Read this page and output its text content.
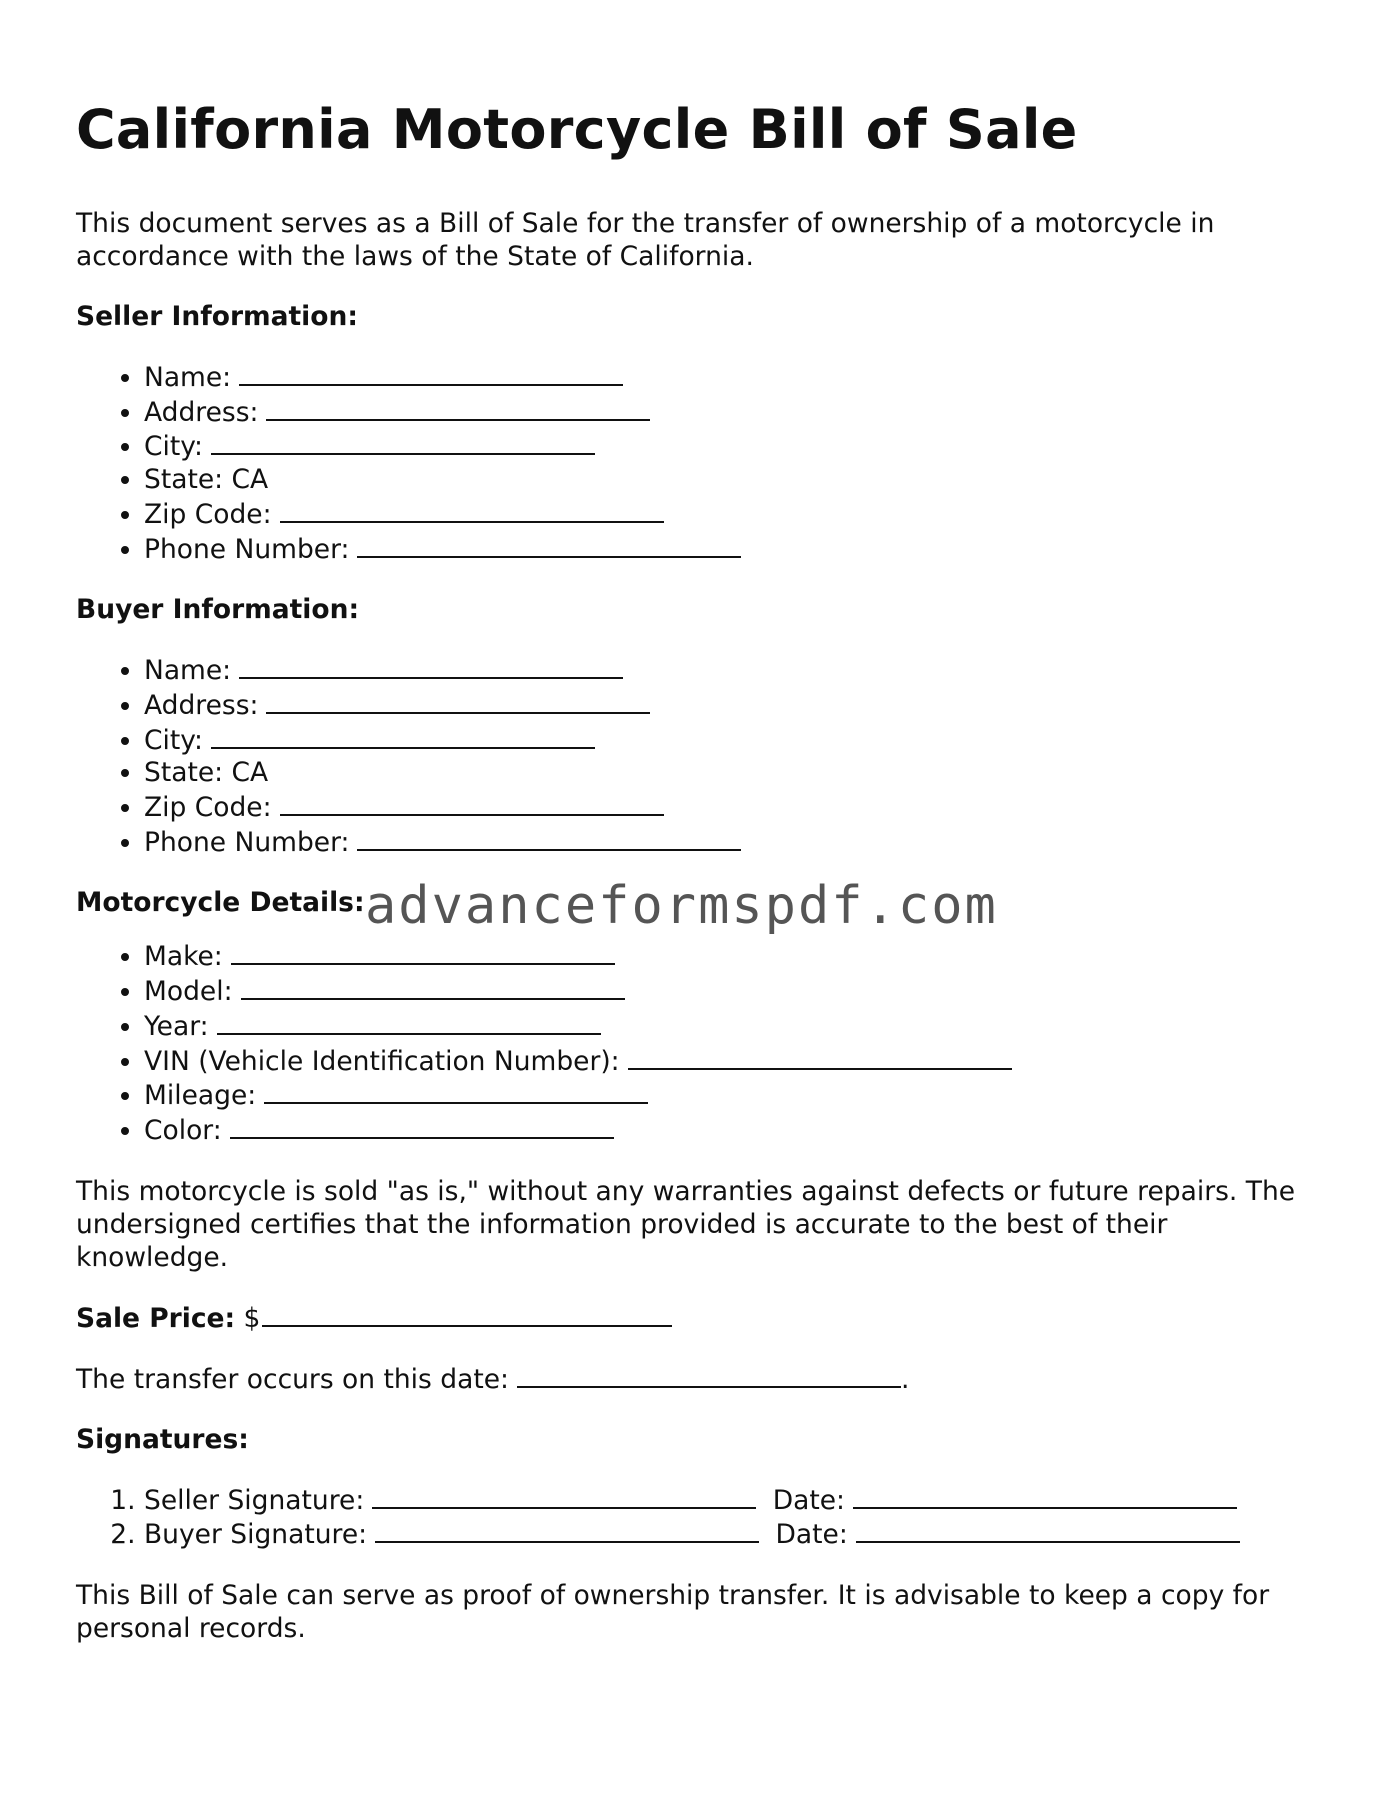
California Motorcycle Bill of Sale

This document serves as a Bill of Sale for the transfer of ownership of a motorcycle in accordance with the laws of the State of California.

Seller Information:
• Name:
• Address:
• City:
• State: CA
• Zip Code:
• Phone Number:
Buyer Information:
• Name:
• Address:
• City:
• State: CA
• Zip Code:
• Phone Number:
Motorcycle Details:
• Make:
• Model:
• Year:
• VIN (Vehicle Identification Number):
• Mileage:
• Color:

This motorcycle is sold "as is," without any warranties against defects or future repairs. The undersigned certifies that the information provided is accurate to the best of their knowledge.

Sale Price: $
The transfer occurs on this date:	.
Signatures:
1. Seller Signature:	Date:
2. Buyer Signature:	Date:

This Bill of Sale can serve as proof of ownership transfer. It is advisable to keep a copy for personal records.

advanceformspdf.com
